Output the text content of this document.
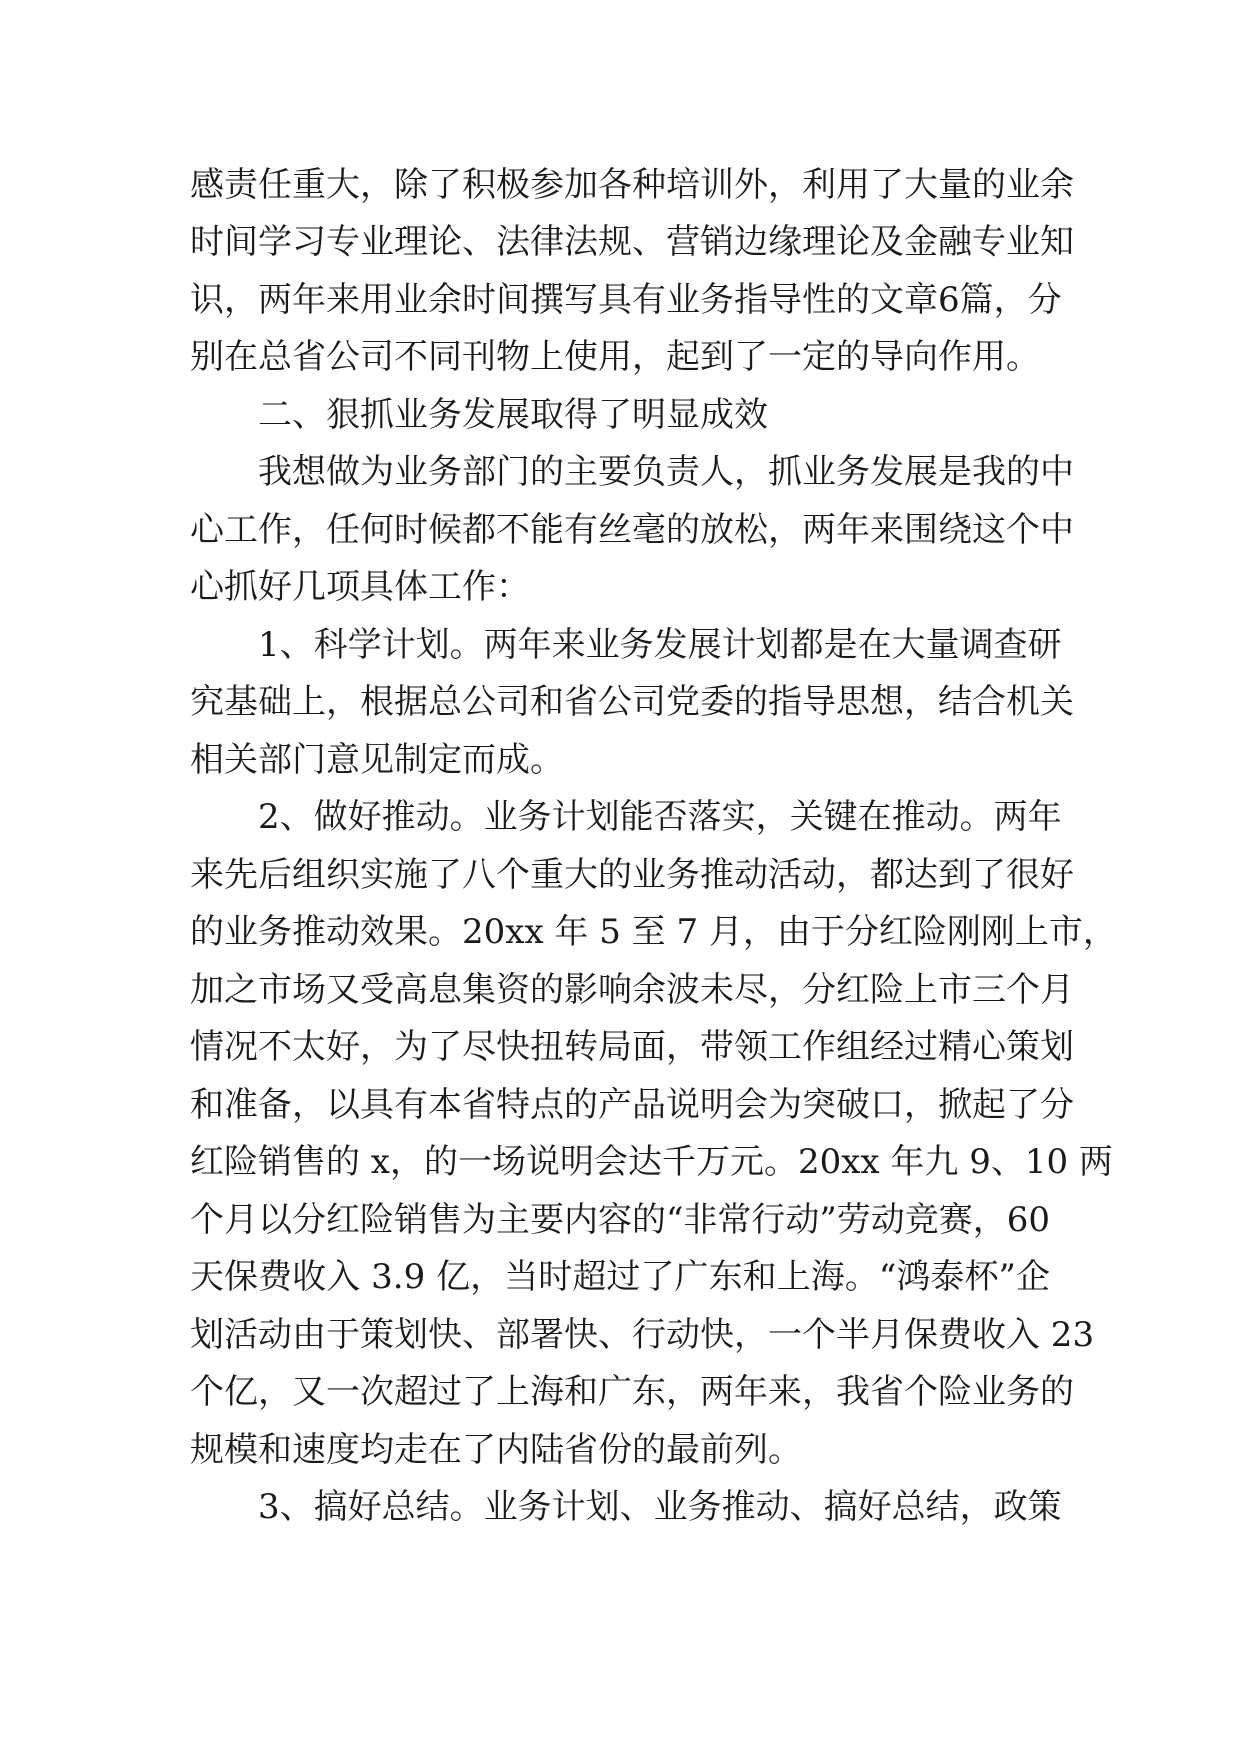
感责任重大，除了积极参加各种培训外，利用了大量的业余
时间学习专业理论、法律法规、营销边缘理论及金融专业知
识，两年来用业余时间撰写具有业务指导性的文章6篇，分
别在总省公司不同刊物上使用，起到了一定的导向作用。
二、狠抓业务发展取得了明显成效
我想做为业务部门的主要负责人，抓业务发展是我的中
心工作，任何时候都不能有丝毫的放松，两年来围绕这个中
心抓好几项具体工作：
1、科学计划。两年来业务发展计划都是在大量调查研
究基础上，根据总公司和省公司党委的指导思想，结合机关
相关部门意见制定而成。
2、做好推动。业务计划能否落实，关键在推动。两年
来先后组织实施了八个重大的业务推动活动，都达到了很好
的业务推动效果。20xx 年 5 至 7 月，由于分红险刚刚上市，
加之市场又受高息集资的影响余波未尽，分红险上市三个月
情况不太好，为了尽快扭转局面，带领工作组经过精心策划
和准备，以具有本省特点的产品说明会为突破口，掀起了分
红险销售的 x，的一场说明会达千万元。20xx 年九 9、10 两
个月以分红险销售为主要内容的“非常行动”劳动竞赛，60
天保费收入 3.9 亿，当时超过了广东和上海。“鸿泰杯”企
划活动由于策划快、部署快、行动快，一个半月保费收入 23
个亿，又一次超过了上海和广东，两年来，我省个险业务的
规模和速度均走在了内陆省份的最前列。
3、搞好总结。业务计划、业务推动、搞好总结，政策
